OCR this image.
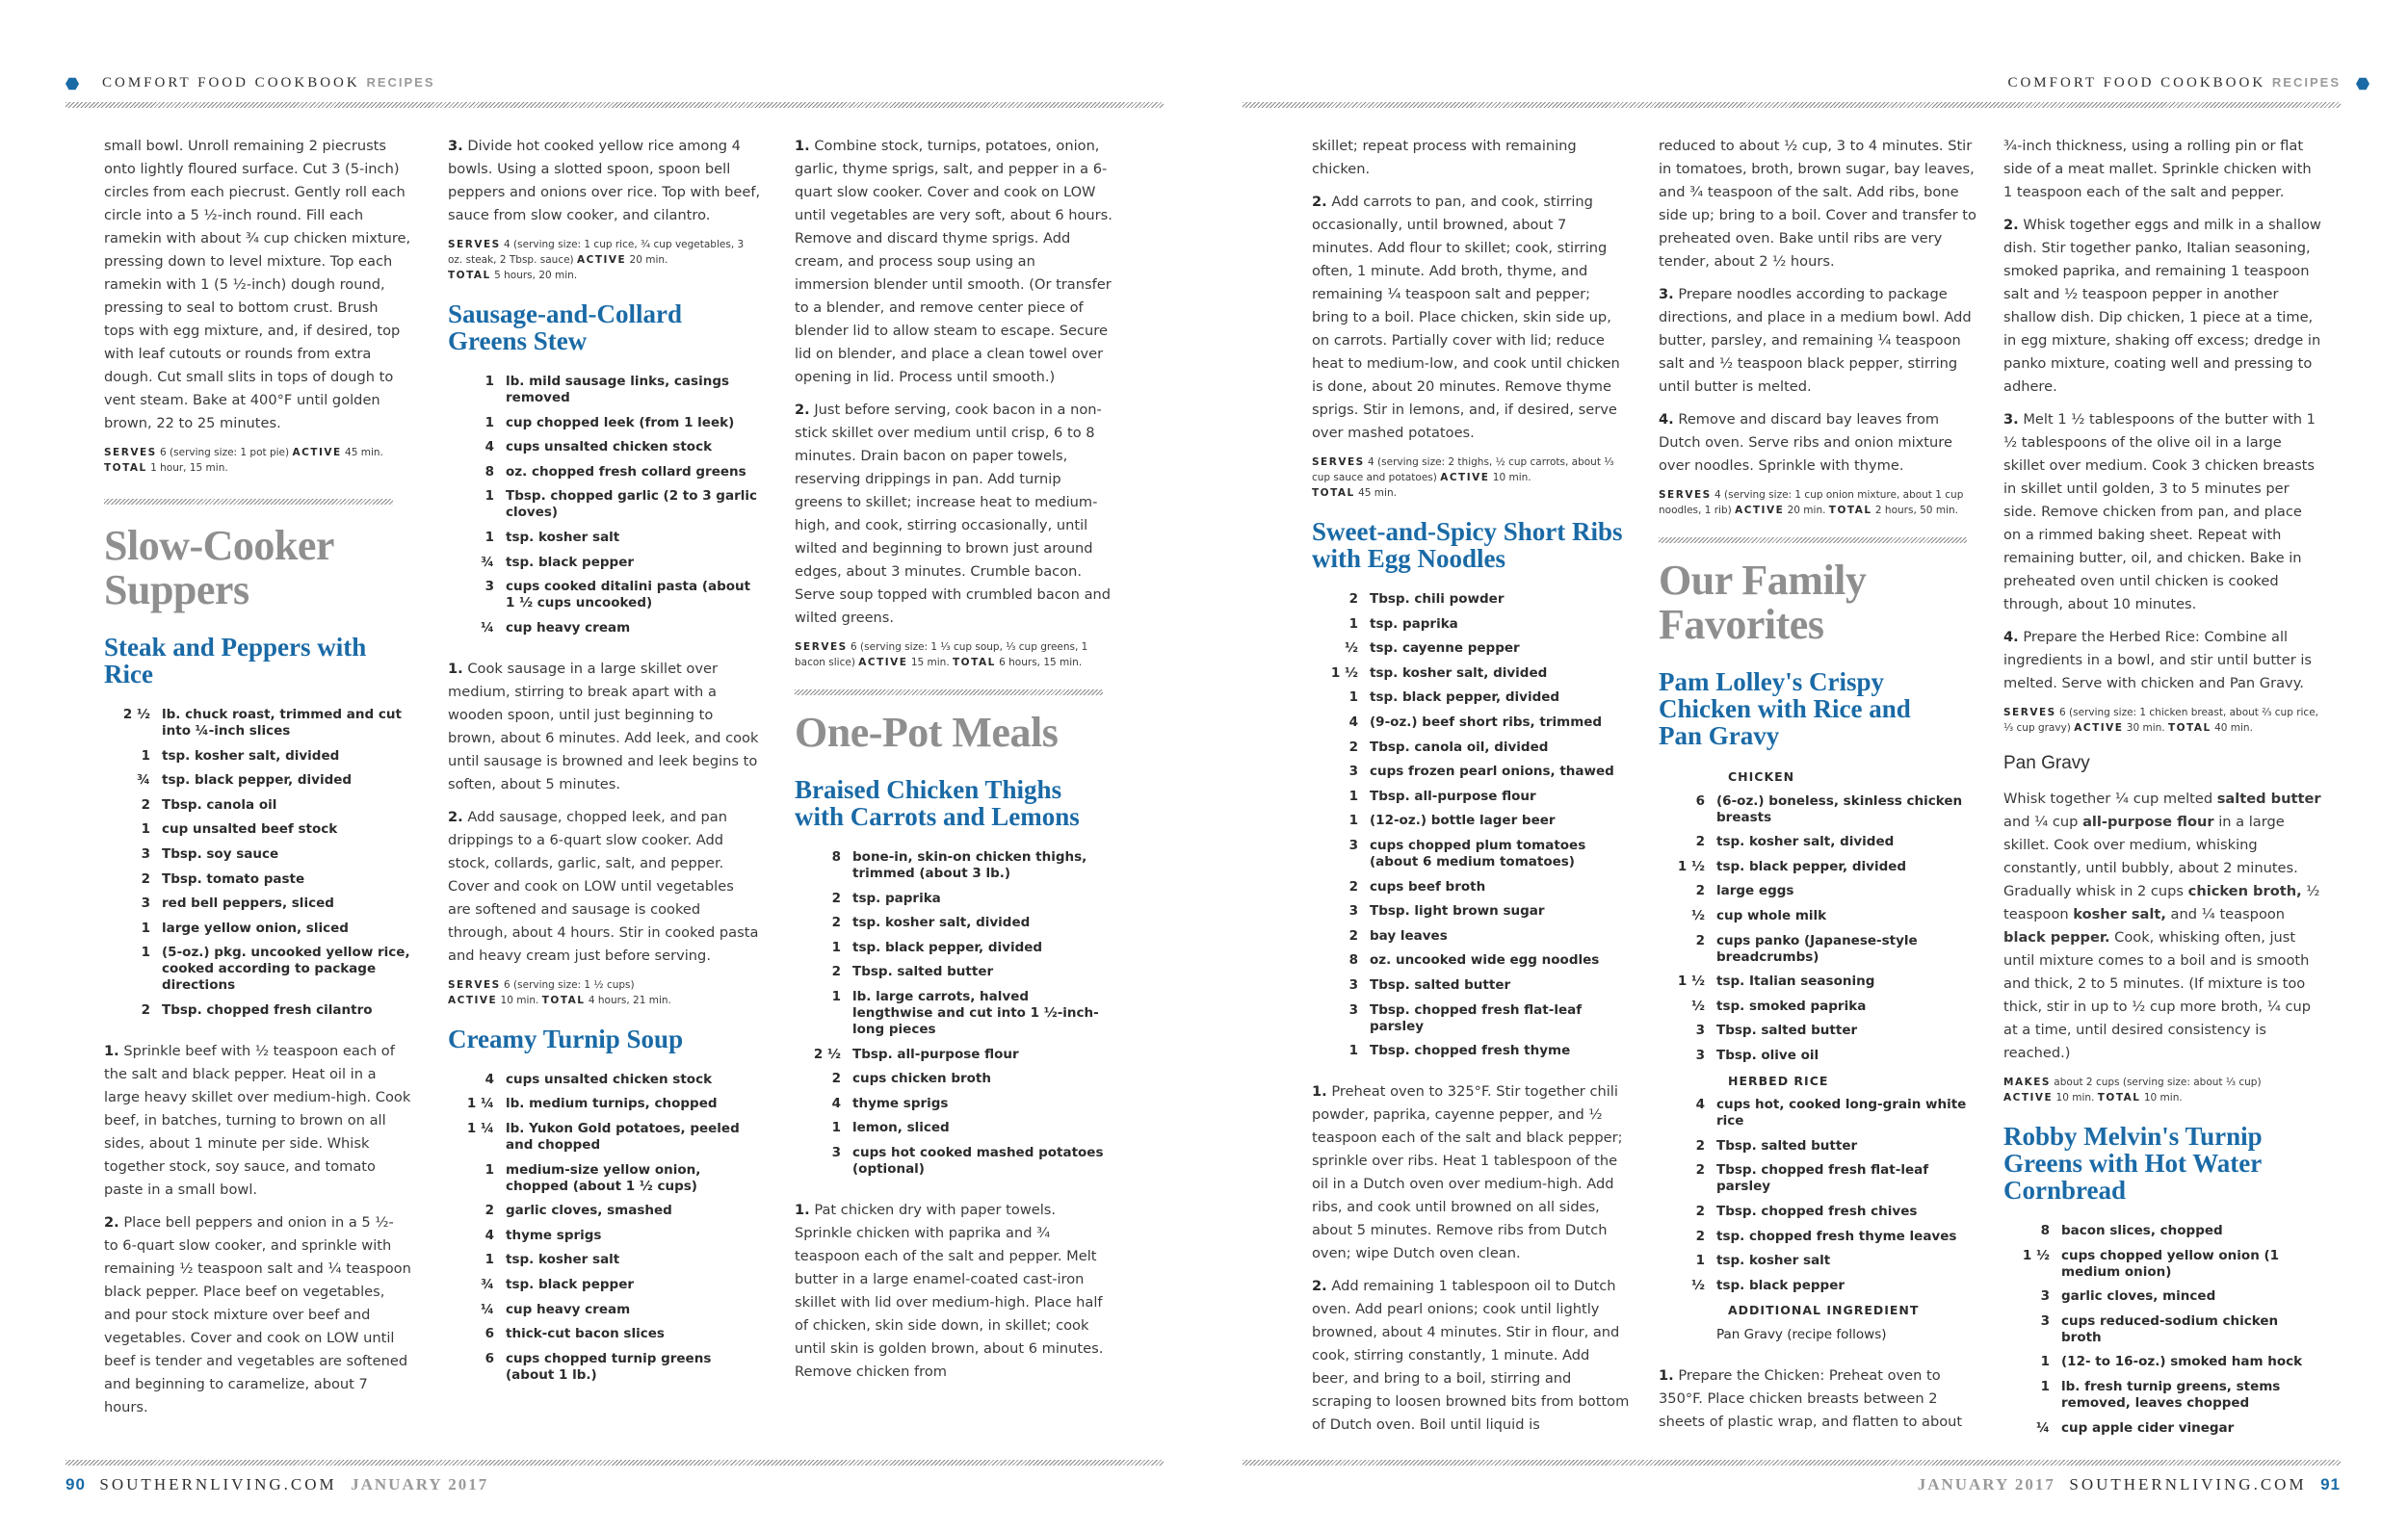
COMFORT FOOD COOKBOOK RECIPES

small bowl. Unroll remaining 2 piecrusts onto lightly floured surface. Cut 3 (5-inch) circles from each piecrust. Gently roll each circle into a 5 ½-inch round. Fill each ramekin with about ¾ cup chicken mixture, pressing down to level mixture. Top each ramekin with 1 (5 ½-inch) dough round, pressing to seal to bottom crust. Brush tops with egg mixture, and, if desired, top with leaf cutouts or rounds from extra dough. Cut small slits in tops of dough to vent steam. Bake at 400°F until golden brown, 22 to 25 minutes.

SERVES 6 (serving size: 1 pot pie) ACTIVE 45 min.
TOTAL 1 hour, 15 min.
Slow-Cooker Suppers
Steak and Peppers with Rice
2 ½ lb. chuck roast, trimmed and cut into ¼-inch slices
1 tsp. kosher salt, divided
¾ tsp. black pepper, divided
2 Tbsp. canola oil
1 cup unsalted beef stock
3 Tbsp. soy sauce
2 Tbsp. tomato paste
3 red bell peppers, sliced
1 large yellow onion, sliced
1 (5-oz.) pkg. uncooked yellow rice, cooked according to package directions
2 Tbsp. chopped fresh cilantro

1. Sprinkle beef with ½ teaspoon each of the salt and black pepper. Heat oil in a large heavy skillet over medium-high. Cook beef, in batches, turning to brown on all sides, about 1 minute per side. Whisk together stock, soy sauce, and tomato paste in a small bowl.

2. Place bell peppers and onion in a 5 ½- to 6-quart slow cooker, and sprinkle with remaining ½ teaspoon salt and ¼ teaspoon black pepper. Place beef on vegetables, and pour stock mixture over beef and vegetables. Cover and cook on LOW until beef is tender and vegetables are softened and beginning to caramelize, about 7 hours.

3. Divide hot cooked yellow rice among 4 bowls. Using a slotted spoon, spoon bell peppers and onions over rice. Top with beef, sauce from slow cooker, and cilantro.

SERVES 4 (serving size: 1 cup rice, ¾ cup vegetables, 3 oz. steak, 2 Tbsp. sauce) ACTIVE 20 min.
TOTAL 5 hours, 20 min.
Sausage-and-Collard Greens Stew
1 lb. mild sausage links, casings removed
1 cup chopped leek (from 1 leek)
4 cups unsalted chicken stock
8 oz. chopped fresh collard greens
1 Tbsp. chopped garlic (2 to 3 garlic cloves)
1 tsp. kosher salt
¾ tsp. black pepper
3 cups cooked ditalini pasta (about 1 ½ cups uncooked)
¼ cup heavy cream

1. Cook sausage in a large skillet over medium, stirring to break apart with a wooden spoon, until just beginning to brown, about 6 minutes. Add leek, and cook until sausage is browned and leek begins to soften, about 5 minutes.

2. Add sausage, chopped leek, and pan drippings to a 6-quart slow cooker. Add stock, collards, garlic, salt, and pepper. Cover and cook on LOW until vegetables are softened and sausage is cooked through, about 4 hours. Stir in cooked pasta and heavy cream just before serving.

SERVES 6 (serving size: 1 ½ cups)
ACTIVE 10 min. TOTAL 4 hours, 21 min.
Creamy Turnip Soup
4 cups unsalted chicken stock
1 ¼ lb. medium turnips, chopped
1 ¼ lb. Yukon Gold potatoes, peeled and chopped
1 medium-size yellow onion, chopped (about 1 ½ cups)
2 garlic cloves, smashed
4 thyme sprigs
1 tsp. kosher salt
¾ tsp. black pepper
¼ cup heavy cream
6 thick-cut bacon slices
6 cups chopped turnip greens (about 1 lb.)

1. Combine stock, turnips, potatoes, onion, garlic, thyme sprigs, salt, and pepper in a 6-quart slow cooker. Cover and cook on LOW until vegetables are very soft, about 6 hours. Remove and discard thyme sprigs. Add cream, and process soup using an immersion blender until smooth. (Or transfer to a blender, and remove center piece of blender lid to allow steam to escape. Secure lid on blender, and place a clean towel over opening in lid. Process until smooth.)

2. Just before serving, cook bacon in a non-stick skillet over medium until crisp, 6 to 8 minutes. Drain bacon on paper towels, reserving drippings in pan. Add turnip greens to skillet; increase heat to medium-high, and cook, stirring occasionally, until wilted and beginning to brown just around edges, about 3 minutes. Crumble bacon. Serve soup topped with crumbled bacon and wilted greens.

SERVES 6 (serving size: 1 ⅓ cup soup, ⅓ cup greens, 1 bacon slice) ACTIVE 15 min. TOTAL 6 hours, 15 min.
One-Pot Meals
Braised Chicken Thighs with Carrots and Lemons
8 bone-in, skin-on chicken thighs, trimmed (about 3 lb.)
2 tsp. paprika
2 tsp. kosher salt, divided
1 tsp. black pepper, divided
2 Tbsp. salted butter
1 lb. large carrots, halved lengthwise and cut into 1 ½-inch-long pieces
2 ½ Tbsp. all-purpose flour
2 cups chicken broth
4 thyme sprigs
1 lemon, sliced
3 cups hot cooked mashed potatoes (optional)

1. Pat chicken dry with paper towels. Sprinkle chicken with paprika and ¾ teaspoon each of the salt and pepper. Melt butter in a large enamel-coated cast-iron skillet with lid over medium-high. Place half of chicken, skin side down, in skillet; cook until skin is golden brown, about 6 minutes. Remove chicken from

90 SOUTHERNLIVING.COM JANUARY 2017
COMFORT FOOD COOKBOOK RECIPES

skillet; repeat process with remaining chicken.

2. Add carrots to pan, and cook, stirring occasionally, until browned, about 7 minutes. Add flour to skillet; cook, stirring often, 1 minute. Add broth, thyme, and remaining ¼ teaspoon salt and pepper; bring to a boil. Place chicken, skin side up, on carrots. Partially cover with lid; reduce heat to medium-low, and cook until chicken is done, about 20 minutes. Remove thyme sprigs. Stir in lemons, and, if desired, serve over mashed potatoes.

SERVES 4 (serving size: 2 thighs, ½ cup carrots, about ⅓ cup sauce and potatoes) ACTIVE 10 min.
TOTAL 45 min.
Sweet-and-Spicy Short Ribs with Egg Noodles
2 Tbsp. chili powder
1 tsp. paprika
½ tsp. cayenne pepper
1 ½ tsp. kosher salt, divided
1 tsp. black pepper, divided
4 (9-oz.) beef short ribs, trimmed
2 Tbsp. canola oil, divided
3 cups frozen pearl onions, thawed
1 Tbsp. all-purpose flour
1 (12-oz.) bottle lager beer
3 cups chopped plum tomatoes (about 6 medium tomatoes)
2 cups beef broth
3 Tbsp. light brown sugar
2 bay leaves
8 oz. uncooked wide egg noodles
3 Tbsp. salted butter
3 Tbsp. chopped fresh flat-leaf parsley
1 Tbsp. chopped fresh thyme

1. Preheat oven to 325°F. Stir together chili powder, paprika, cayenne pepper, and ½ teaspoon each of the salt and black pepper; sprinkle over ribs. Heat 1 tablespoon of the oil in a Dutch oven over medium-high. Add ribs, and cook until browned on all sides, about 5 minutes. Remove ribs from Dutch oven; wipe Dutch oven clean.

2. Add remaining 1 tablespoon oil to Dutch oven. Add pearl onions; cook until lightly browned, about 4 minutes. Stir in flour, and cook, stirring constantly, 1 minute. Add beer, and bring to a boil, stirring and scraping to loosen browned bits from bottom of Dutch oven. Boil until liquid is

reduced to about ½ cup, 3 to 4 minutes. Stir in tomatoes, broth, brown sugar, bay leaves, and ¾ teaspoon of the salt. Add ribs, bone side up; bring to a boil. Cover and transfer to preheated oven. Bake until ribs are very tender, about 2 ½ hours.

3. Prepare noodles according to package directions, and place in a medium bowl. Add butter, parsley, and remaining ¼ teaspoon salt and ½ teaspoon black pepper, stirring until butter is melted.

4. Remove and discard bay leaves from Dutch oven. Serve ribs and onion mixture over noodles. Sprinkle with thyme.

SERVES 4 (serving size: 1 cup onion mixture, about 1 cup noodles, 1 rib) ACTIVE 20 min. TOTAL 2 hours, 50 min.
Our Family Favorites
Pam Lolley's Crispy Chicken with Rice and Pan Gravy
CHICKEN
6 (6-oz.) boneless, skinless chicken breasts
2 tsp. kosher salt, divided
1 ½ tsp. black pepper, divided
2 large eggs
½ cup whole milk
2 cups panko (Japanese-style breadcrumbs)
1 ½ tsp. Italian seasoning
½ tsp. smoked paprika
3 Tbsp. salted butter
3 Tbsp. olive oil
HERBED RICE
4 cups hot, cooked long-grain white rice
2 Tbsp. salted butter
2 Tbsp. chopped fresh flat-leaf parsley
2 Tbsp. chopped fresh chives
2 tsp. chopped fresh thyme leaves
1 tsp. kosher salt
½ tsp. black pepper
ADDITIONAL INGREDIENT
Pan Gravy (recipe follows)

1. Prepare the Chicken: Preheat oven to 350°F. Place chicken breasts between 2 sheets of plastic wrap, and flatten to about

¾-inch thickness, using a rolling pin or flat side of a meat mallet. Sprinkle chicken with 1 teaspoon each of the salt and pepper.

2. Whisk together eggs and milk in a shallow dish. Stir together panko, Italian seasoning, smoked paprika, and remaining 1 teaspoon salt and ½ teaspoon pepper in another shallow dish. Dip chicken, 1 piece at a time, in egg mixture, shaking off excess; dredge in panko mixture, coating well and pressing to adhere.

3. Melt 1 ½ tablespoons of the butter with 1 ½ tablespoons of the olive oil in a large skillet over medium. Cook 3 chicken breasts in skillet until golden, 3 to 5 minutes per side. Remove chicken from pan, and place on a rimmed baking sheet. Repeat with remaining butter, oil, and chicken. Bake in preheated oven until chicken is cooked through, about 10 minutes.

4. Prepare the Herbed Rice: Combine all ingredients in a bowl, and stir until butter is melted. Serve with chicken and Pan Gravy.

SERVES 6 (serving size: 1 chicken breast, about ⅔ cup rice, ⅓ cup gravy) ACTIVE 30 min. TOTAL 40 min.
Pan Gravy

Whisk together ¼ cup melted salted butter and ¼ cup all-purpose flour in a large skillet. Cook over medium, whisking constantly, until bubbly, about 2 minutes. Gradually whisk in 2 cups chicken broth, ½ teaspoon kosher salt, and ¼ teaspoon black pepper. Cook, whisking often, just until mixture comes to a boil and is smooth and thick, 2 to 5 minutes. (If mixture is too thick, stir in up to ½ cup more broth, ¼ cup at a time, until desired consistency is reached.)

MAKES about 2 cups (serving size: about ⅓ cup)
ACTIVE 10 min. TOTAL 10 min.
Robby Melvin's Turnip Greens with Hot Water Cornbread
8 bacon slices, chopped
1 ½ cups chopped yellow onion (1 medium onion)
3 garlic cloves, minced
3 cups reduced-sodium chicken broth
1 (12- to 16-oz.) smoked ham hock
1 lb. fresh turnip greens, stems removed, leaves chopped
¼ cup apple cider vinegar
JANUARY 2017 SOUTHERNLIVING.COM 91
